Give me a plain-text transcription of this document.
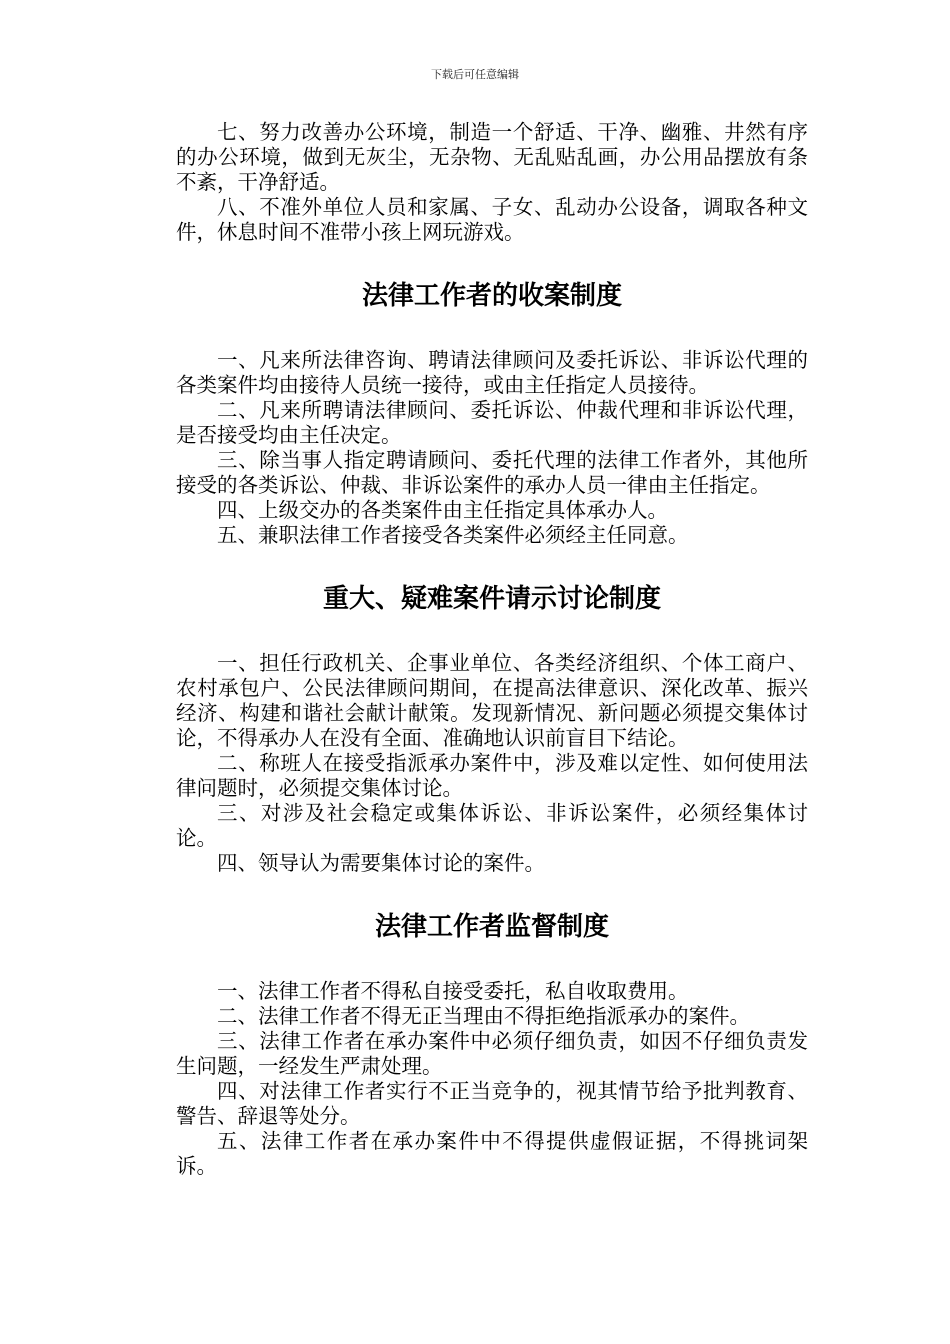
下载后可任意编辑

七、努力改善办公环境，制造一个舒适、干净、幽雅、井然有序的办公环境，做到无灰尘，无杂物、无乱贴乱画，办公用品摆放有条不紊，干净舒适。

八、不准外单位人员和家属、子女、乱动办公设备，调取各种文件，休息时间不准带小孩上网玩游戏。

法律工作者的收案制度

一、凡来所法律咨询、聘请法律顾问及委托诉讼、非诉讼代理的各类案件均由接待人员统一接待，或由主任指定人员接待。

二、凡来所聘请法律顾问、委托诉讼、仲裁代理和非诉讼代理，是否接受均由主任决定。

三、除当事人指定聘请顾问、委托代理的法律工作者外，其他所接受的各类诉讼、仲裁、非诉讼案件的承办人员一律由主任指定。

四、上级交办的各类案件由主任指定具体承办人。

五、兼职法律工作者接受各类案件必须经主任同意。

重大、疑难案件请示讨论制度

一、担任行政机关、企事业单位、各类经济组织、个体工商户、农村承包户、公民法律顾问期间，在提高法律意识、深化改革、振兴经济、构建和谐社会献计献策。发现新情况、新问题必须提交集体讨论，不得承办人在没有全面、准确地认识前盲目下结论。

二、称班人在接受指派承办案件中，涉及难以定性、如何使用法律问题时，必须提交集体讨论。

三、对涉及社会稳定或集体诉讼、非诉讼案件，必须经集体讨论。

四、领导认为需要集体讨论的案件。

法律工作者监督制度

一、法律工作者不得私自接受委托，私自收取费用。

二、法律工作者不得无正当理由不得拒绝指派承办的案件。

三、法律工作者在承办案件中必须仔细负责，如因不仔细负责发生问题，一经发生严肃处理。

四、对法律工作者实行不正当竞争的，视其情节给予批判教育、警告、辞退等处分。

五、法律工作者在承办案件中不得提供虚假证据，不得挑词架诉。
